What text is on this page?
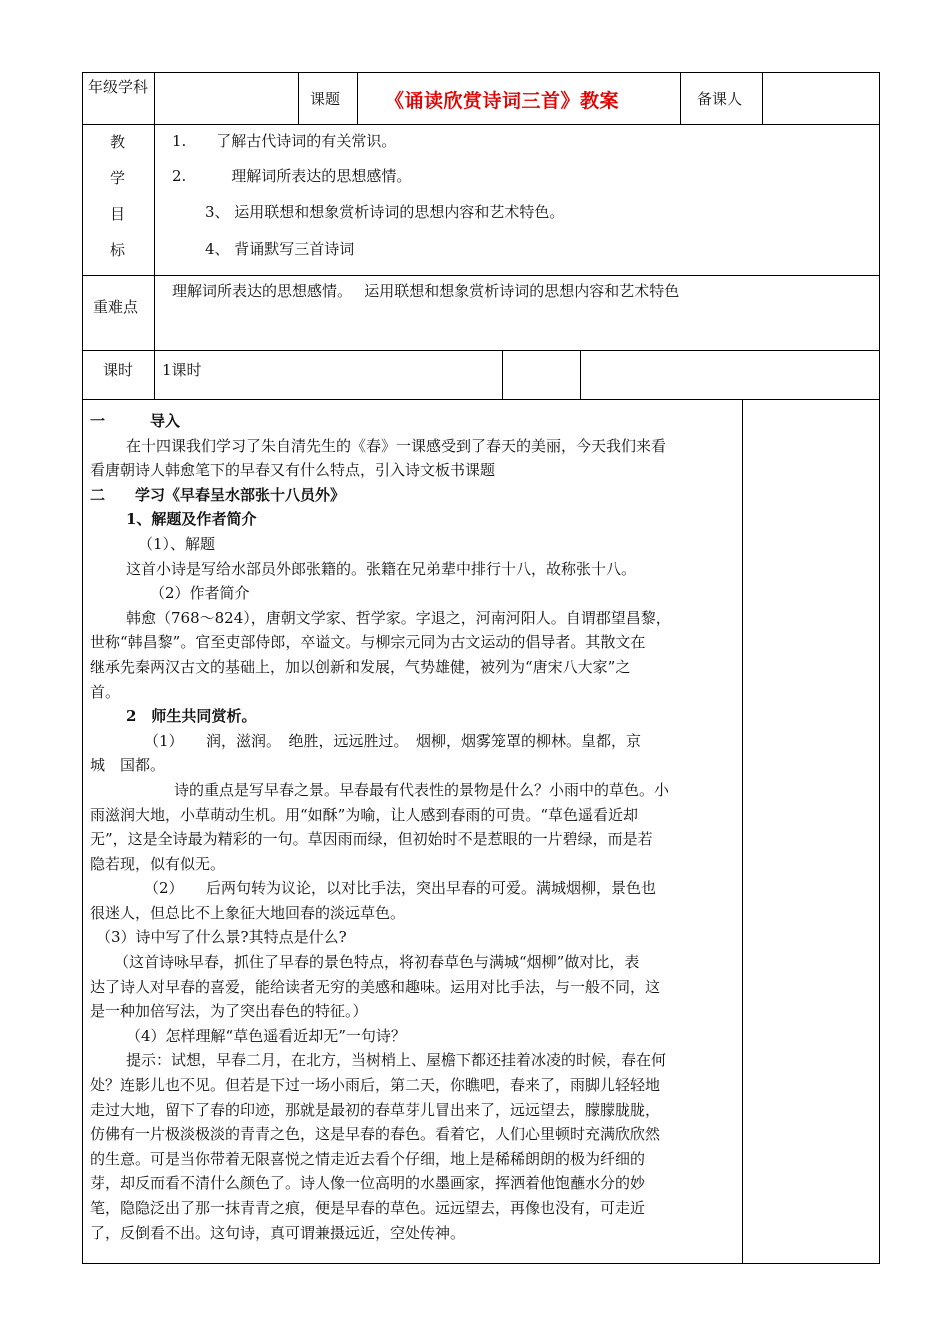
年级学科
课题 《诵读欣赏诗词三首》教案	备课人
教
学
目
标
1.　　了解古代诗词的有关常识。
2.　　　理解词所表达的思想感情。
3、 运用联想和想象赏析诗词的思想内容和艺术特色。
4、 背诵默写三首诗词
重难点
理解词所表达的思想感情。　 运用联想和想象赏析诗词的思想内容和艺术特色
课时 1课时

一　　　导入

在十四课我们学习了朱自清先生的《春》一课感受到了春天的美丽，今天我们来看

看唐朝诗人韩愈笔下的早春又有什么特点，引入诗文板书课题

二　　学习《早春呈水部张十八员外》

1、解题及作者简介

（1）、解题

这首小诗是写给水部员外郎张籍的。张籍在兄弟辈中排行十八，故称张十八。

（2）作者简介

韩愈（768～824），唐朝文学家、哲学家。字退之，河南河阳人。自谓郡望昌黎，

世称“韩昌黎”。官至吏部侍郎，卒谥文。与柳宗元同为古文运动的倡导者。其散文在

继承先秦两汉古文的基础上，加以创新和发展，气势雄健，被列为“唐宋八大家”之

首。

2　师生共同赏析。

（1）　　润，滋润。　绝胜，远远胜过。　烟柳，烟雾笼罩的柳林。皇都，京

城　国都。

诗的重点是写早春之景。早春最有代表性的景物是什么？小雨中的草色。小

雨滋润大地，小草萌动生机。用“如酥”为喻，让人感到春雨的可贵。“草色遥看近却

无”，这是全诗最为精彩的一句。草因雨而绿，但初始时不是惹眼的一片碧绿，而是若

隐若现，似有似无。

（2）　　后两句转为议论，以对比手法，突出早春的可爱。满城烟柳，景色也

很迷人，但总比不上象征大地回春的淡远草色。

（3）诗中写了什么景?其特点是什么?

（这首诗咏早春，抓住了早春的景色特点，将初春草色与满城“烟柳”做对比，表

达了诗人对早春的喜爱，能给读者无穷的美感和趣味。运用对比手法，与一般不同，这

是一种加倍写法，为了突出春色的特征。）

（4）怎样理解“草色遥看近却无”一句诗？

提示：试想，早春二月，在北方，当树梢上、屋檐下都还挂着冰凌的时候，春在何

处？连影儿也不见。但若是下过一场小雨后，第二天，你瞧吧，春来了，雨脚儿轻轻地

走过大地，留下了春的印迹，那就是最初的春草芽儿冒出来了，远远望去，朦朦胧胧，

仿佛有一片极淡极淡的青青之色，这是早春的春色。看着它，人们心里顿时充满欣欣然

的生意。可是当你带着无限喜悦之情走近去看个仔细，地上是稀稀朗朗的极为纤细的

芽，却反而看不清什么颜色了。诗人像一位高明的水墨画家，挥洒着他饱蘸水分的妙

笔，隐隐泛出了那一抹青青之痕，便是早春的草色。远远望去，再像也没有，可走近

了，反倒看不出。这句诗，真可谓兼摄远近，空处传神。
